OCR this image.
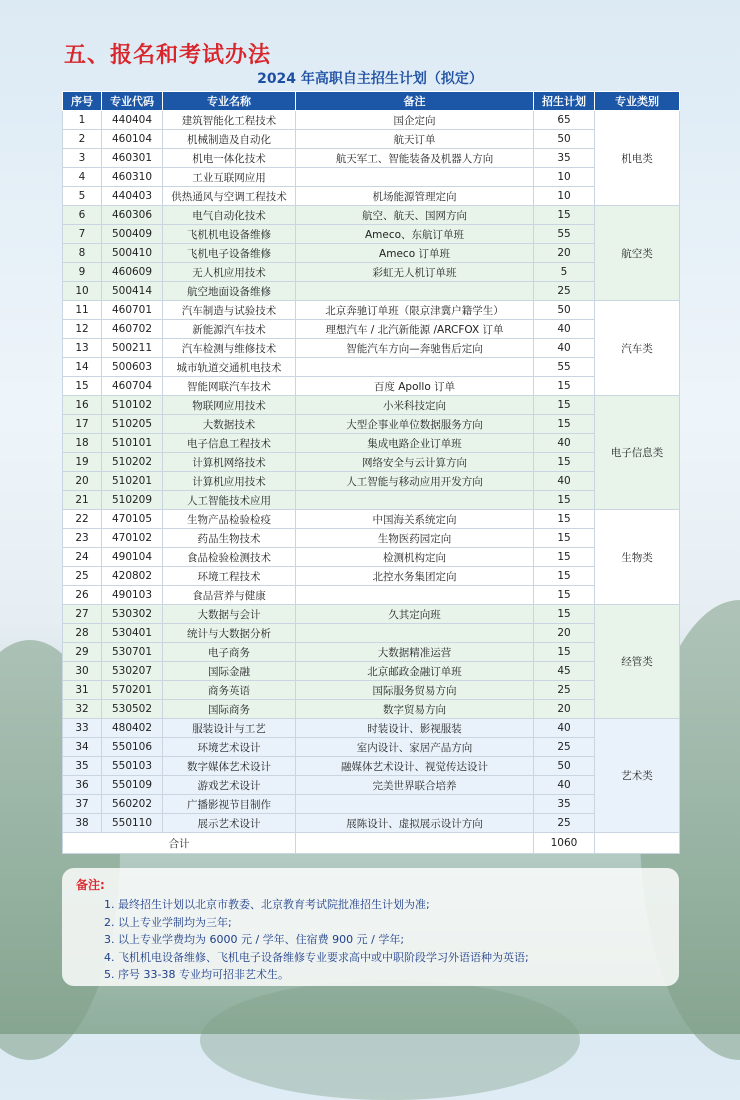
五、报名和考试办法
2024 年高职自主招生计划（拟定）
序号	专业代码	专业名称	备注	招生计划	专业类别
1	440404	建筑智能化工程技术	国企定向	65	机电类
2	460104	机械制造及自动化	航天订单	50	
3	460301	机电一体化技术	航天军工、智能装备及机器人方向	35	
4	460310	工业互联网应用		10	
5	440403	供热通风与空调工程技术	机场能源管理定向	10	
6	460306	电气自动化技术	航空、航天、国网方向	15	航空类
7	500409	飞机机电设备维修	Ameco、东航订单班	55	
8	500410	飞机电子设备维修	Ameco 订单班	20	
9	460609	无人机应用技术	彩虹无人机订单班	5	
10	500414	航空地面设备维修		25	
11	460701	汽车制造与试验技术	北京奔驰订单班（限京津冀户籍学生）	50	汽车类
12	460702	新能源汽车技术	理想汽车 / 北汽新能源 /ARCFOX 订单	40	
13	500211	汽车检测与维修技术	智能汽车方向—奔驰售后定向	40	
14	500603	城市轨道交通机电技术		55	
15	460704	智能网联汽车技术	百度 Apollo 订单	15	
16	510102	物联网应用技术	小米科技定向	15	电子信息类
17	510205	大数据技术	大型企事业单位数据服务方向	15	
18	510101	电子信息工程技术	集成电路企业订单班	40	
19	510202	计算机网络技术	网络安全与云计算方向	15	
20	510201	计算机应用技术	人工智能与移动应用开发方向	40	
21	510209	人工智能技术应用		15	
22	470105	生物产品检验检疫	中国海关系统定向	15	生物类
23	470102	药品生物技术	生物医药园定向	15	
24	490104	食品检验检测技术	检测机构定向	15	
25	420802	环境工程技术	北控水务集团定向	15	
26	490103	食品营养与健康		15	
27	530302	大数据与会计	久其定向班	15	经管类
28	530401	统计与大数据分析		20	
29	530701	电子商务	大数据精准运营	15	
30	530207	国际金融	北京邮政金融订单班	45	
31	570201	商务英语	国际服务贸易方向	25	
32	530502	国际商务	数字贸易方向	20	
33	480402	服装设计与工艺	时装设计、影视服装	40	艺术类
34	550106	环境艺术设计	室内设计、家居产品方向	25	
35	550103	数字媒体艺术设计	融媒体艺术设计、视觉传达设计	50	
36	550109	游戏艺术设计	完美世界联合培养	40	
37	560202	广播影视节目制作		35	
38	550110	展示艺术设计	展陈设计、虚拟展示设计方向	25	
合计				1060	
备注:
1. 最终招生计划以北京市教委、北京教育考试院批准招生计划为准;
2. 以上专业学制均为三年;
3. 以上专业学费均为 6000 元 / 学年、住宿费 900 元 / 学年;
4. 飞机机电设备维修、飞机电子设备维修专业要求高中或中职阶段学习外语语种为英语;
5. 序号 33-38 专业均可招非艺术生。
